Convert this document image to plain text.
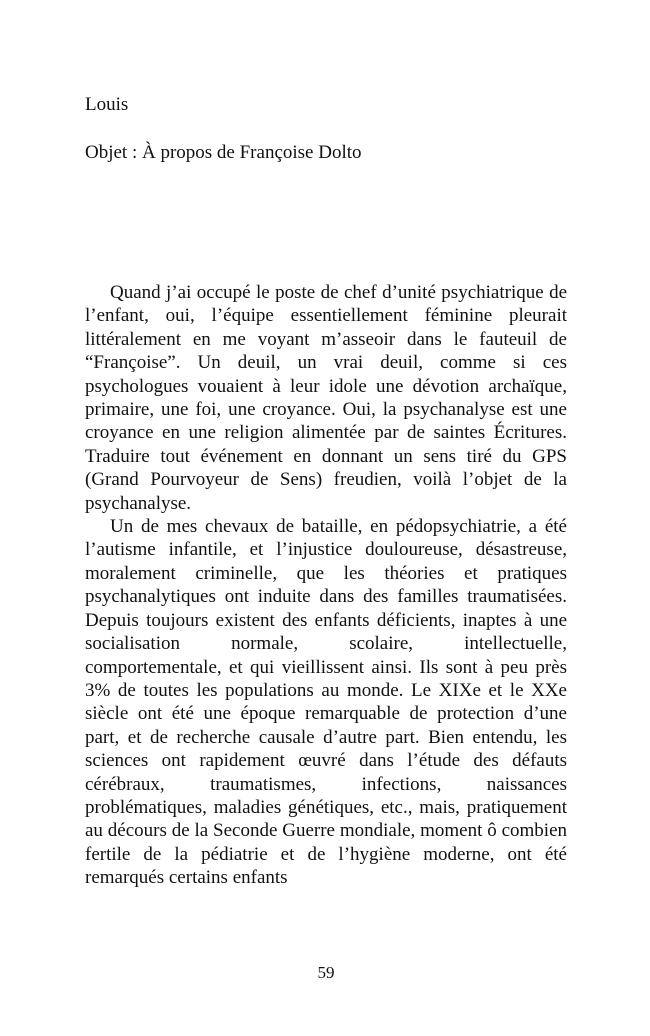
Louis

Objet : À propos de Françoise Dolto

Quand j’ai occupé le poste de chef d’unité psychiatrique de l’enfant, oui, l’équipe essentiellement féminine pleurait littéralement en me voyant m’asseoir dans le fauteuil de “Françoise”. Un deuil, un vrai deuil, comme si ces psychologues vouaient à leur idole une dévotion archaïque, primaire, une foi, une croyance. Oui, la psychanalyse est une croyance en une religion alimentée par de saintes Écritures. Traduire tout événement en donnant un sens tiré du GPS (Grand Pourvoyeur de Sens) freudien, voilà l’objet de la psychanalyse.

Un de mes chevaux de bataille, en pédopsychiatrie, a été l’autisme infantile, et l’injustice douloureuse, désastreuse, moralement criminelle, que les théories et pratiques psychanalytiques ont induite dans des familles traumatisées. Depuis toujours existent des enfants déficients, inaptes à une socialisation normale, scolaire, intellectuelle, comportementale, et qui vieillissent ainsi. Ils sont à peu près 3% de toutes les populations au monde. Le XIXe et le XXe siècle ont été une époque remarquable de protection d’une part, et de recherche causale d’autre part. Bien entendu, les sciences ont rapidement œuvré dans l’étude des défauts cérébraux, traumatismes, infections, naissances problématiques, maladies génétiques, etc., mais, pratiquement au décours de la Seconde Guerre mondiale, moment ô combien fertile de la pédiatrie et de l’hygiène moderne, ont été remarqués certains enfants

59
